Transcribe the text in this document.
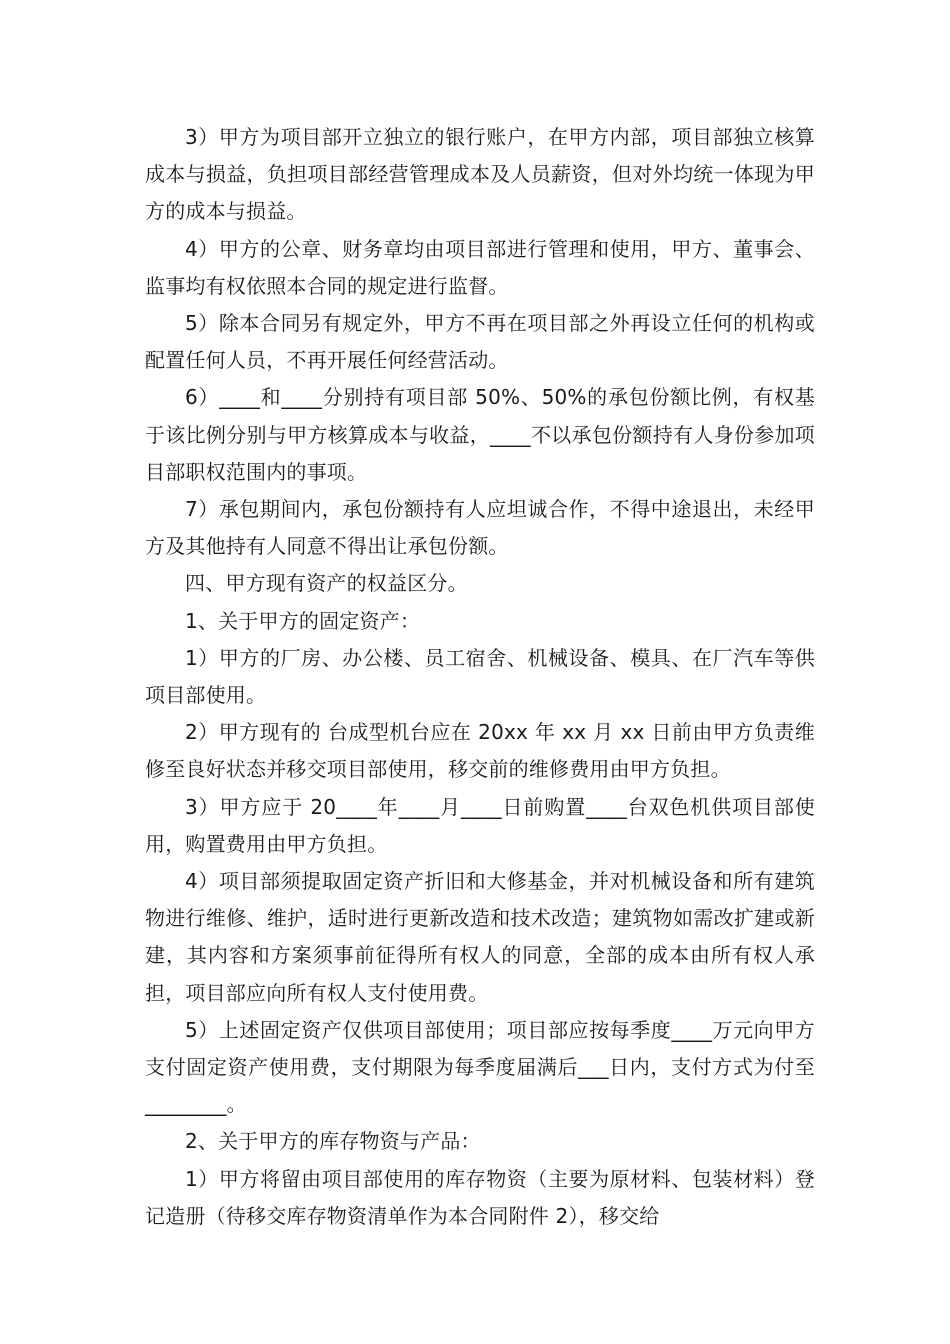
3）甲方为项目部开立独立的银行账户，在甲方内部，项目部独立核算成本与损益，负担项目部经营管理成本及人员薪资，但对外均统一体现为甲方的成本与损益。

4）甲方的公章、财务章均由项目部进行管理和使用，甲方、董事会、监事均有权依照本合同的规定进行监督。

5）除本合同另有规定外，甲方不再在项目部之外再设立任何的机构或配置任何人员，不再开展任何经营活动。

6）____和____分别持有项目部 50%、50%的承包份额比例，有权基于该比例分别与甲方核算成本与收益，____不以承包份额持有人身份参加项目部职权范围内的事项。

7）承包期间内，承包份额持有人应坦诚合作，不得中途退出，未经甲方及其他持有人同意不得出让承包份额。

四、甲方现有资产的权益区分。

1、关于甲方的固定资产：

1）甲方的厂房、办公楼、员工宿舍、机械设备、模具、在厂汽车等供项目部使用。

2）甲方现有的 台成型机台应在 20xx 年 xx 月 xx 日前由甲方负责维修至良好状态并移交项目部使用，移交前的维修费用由甲方负担。

3）甲方应于 20____年____月____日前购置____台双色机供项目部使用，购置费用由甲方负担。

4）项目部须提取固定资产折旧和大修基金，并对机械设备和所有建筑物进行维修、维护，适时进行更新改造和技术改造；建筑物如需改扩建或新建，其内容和方案须事前征得所有权人的同意，全部的成本由所有权人承担，项目部应向所有权人支付使用费。

5）上述固定资产仅供项目部使用；项目部应按每季度____万元向甲方支付固定资产使用费，支付期限为每季度届满后___日内，支付方式为付至________。

2、关于甲方的库存物资与产品：

1）甲方将留由项目部使用的库存物资（主要为原材料、包装材料）登记造册（待移交库存物资清单作为本合同附件 2），移交给
